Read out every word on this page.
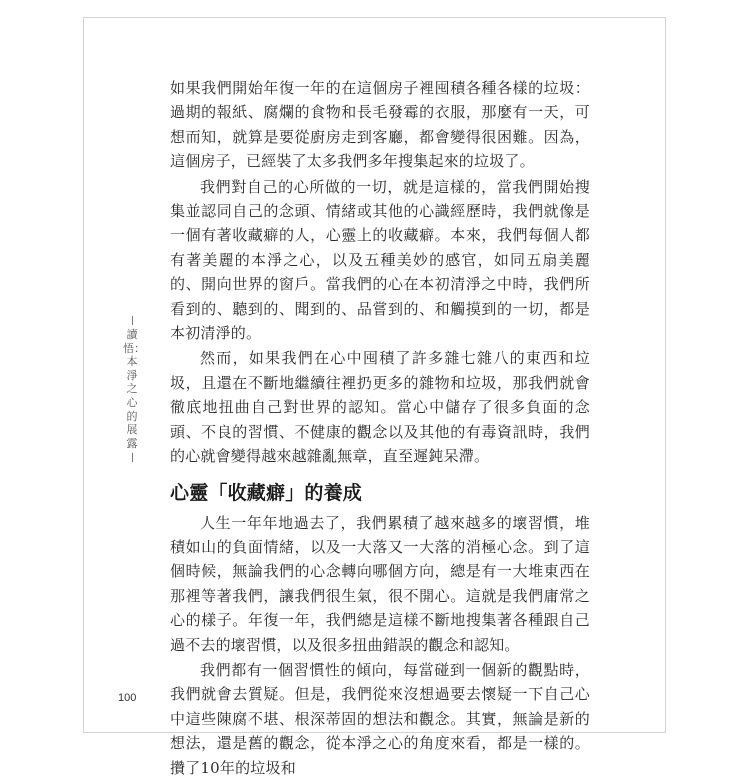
讀悟：本淨之心的展露

如果我們開始年復一年的在這個房子裡囤積各種各樣的垃圾：過期的報紙、腐爛的食物和長毛發霉的衣服，那麼有一天，可想而知，就算是要從廚房走到客廳，都會變得很困難。因為，這個房子，已經裝了太多我們多年搜集起來的垃圾了。

我們對自己的心所做的一切，就是這樣的，當我們開始搜集並認同自己的念頭、情緒或其他的心識經歷時，我們就像是一個有著收藏癖的人，心靈上的收藏癖。本來，我們每個人都有著美麗的本淨之心，以及五種美妙的感官，如同五扇美麗的、開向世界的窗戶。當我們的心在本初清淨之中時，我們所看到的、聽到的、聞到的、品嘗到的、和觸摸到的一切，都是本初清淨的。

然而，如果我們在心中囤積了許多雜七雜八的東西和垃圾，且還在不斷地繼續往裡扔更多的雜物和垃圾，那我們就會徹底地扭曲自己對世界的認知。當心中儲存了很多負面的念頭、不良的習慣、不健康的觀念以及其他的有毒資訊時，我們的心就會變得越來越雜亂無章，直至遲鈍呆滯。

心靈「收藏癖」的養成

人生一年年地過去了，我們累積了越來越多的壞習慣，堆積如山的負面情緒，以及一大落又一大落的消極心念。到了這個時候，無論我們的心念轉向哪個方向，總是有一大堆東西在那裡等著我們，讓我們很生氣，很不開心。這就是我們庸常之心的樣子。年復一年，我們總是這樣不斷地搜集著各種跟自己過不去的壞習慣，以及很多扭曲錯誤的觀念和認知。

我們都有一個習慣性的傾向，每當碰到一個新的觀點時，我們就會去質疑。但是，我們從來沒想過要去懷疑一下自己心中這些陳腐不堪、根深蒂固的想法和觀念。其實，無論是新的想法，還是舊的觀念，從本淨之心的角度來看，都是一樣的。攢了10年的垃圾和

100
